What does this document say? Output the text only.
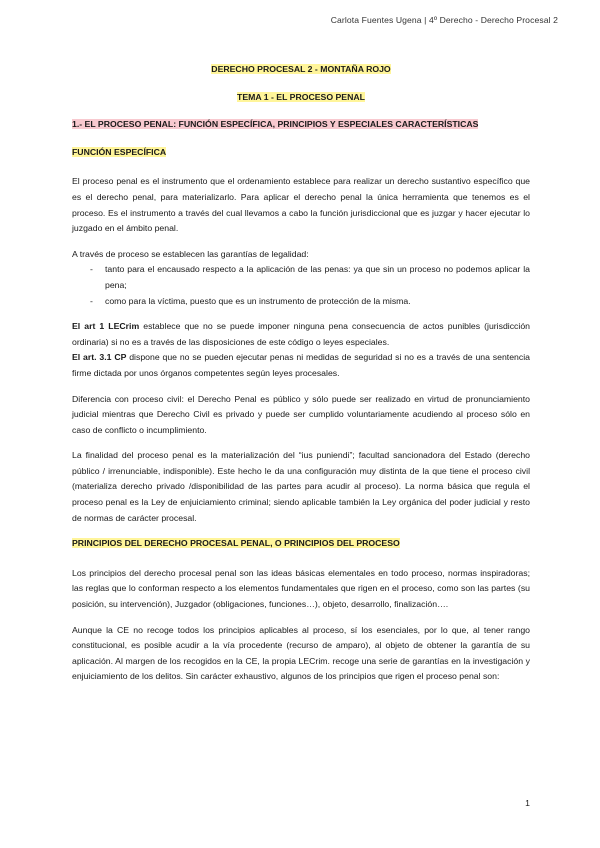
Carlota Fuentes Ugena | 4º Derecho - Derecho Procesal 2

DERECHO PROCESAL 2 - MONTAÑA ROJO

TEMA 1 - EL PROCESO PENAL

1.- EL PROCESO PENAL: FUNCIÓN ESPECÍFICA, PRINCIPIOS Y ESPECIALES CARACTERÍSTICAS

FUNCIÓN ESPECÍFICA

El proceso penal es el instrumento que el ordenamiento establece para realizar un derecho sustantivo específico que es el derecho penal, para materializarlo. Para aplicar el derecho penal la única herramienta que tenemos es el proceso. Es el instrumento a través del cual llevamos a cabo la función jurisdiccional que es juzgar y hacer ejecutar lo juzgado en el ámbito penal.

A través de proceso se establecen las garantías de legalidad:

- tanto para el encausado respecto a la aplicación de las penas: ya que sin un proceso no podemos aplicar la pena;
- como para la víctima, puesto que es un instrumento de protección de la misma.

El art 1 LECrim establece que no se puede imponer ninguna pena consecuencia de actos punibles (jurisdicción ordinaria) si no es a través de las disposiciones de este código o leyes especiales.

El art. 3.1 CP dispone que no se pueden ejecutar penas ni medidas de seguridad si no es a través de una sentencia firme dictada por unos órganos competentes según leyes procesales.

Diferencia con proceso civil: el Derecho Penal es público y sólo puede ser realizado en virtud de pronunciamiento judicial mientras que Derecho Civil es privado y puede ser cumplido voluntariamente acudiendo al proceso sólo en caso de conflicto o incumplimiento.

La finalidad del proceso penal es la materialización del “ius puniendi”; facultad sancionadora del Estado (derecho público / irrenunciable, indisponible). Este hecho le da una configuración muy distinta de la que tiene el proceso civil (materializa derecho privado /disponibilidad de las partes para acudir al proceso). La norma básica que regula el proceso penal es la Ley de enjuiciamiento criminal; siendo aplicable también la Ley orgánica del poder judicial y resto de normas de carácter procesal.

PRINCIPIOS DEL DERECHO PROCESAL PENAL, O PRINCIPIOS DEL PROCESO

Los principios del derecho procesal penal son las ideas básicas elementales en todo proceso, normas inspiradoras; las reglas que lo conforman respecto a los elementos fundamentales que rigen en el proceso, como son las partes (su posición, su intervención), Juzgador (obligaciones, funciones…), objeto, desarrollo, finalización….

Aunque la CE no recoge todos los principios aplicables al proceso, sí los esenciales, por lo que, al tener rango constitucional, es posible acudir a la vía procedente (recurso de amparo), al objeto de obtener la garantía de su aplicación. Al margen de los recogidos en la CE, la propia LECrim. recoge una serie de garantías en la investigación y enjuiciamiento de los delitos. Sin carácter exhaustivo, algunos de los principios que rigen el proceso penal son:

1
